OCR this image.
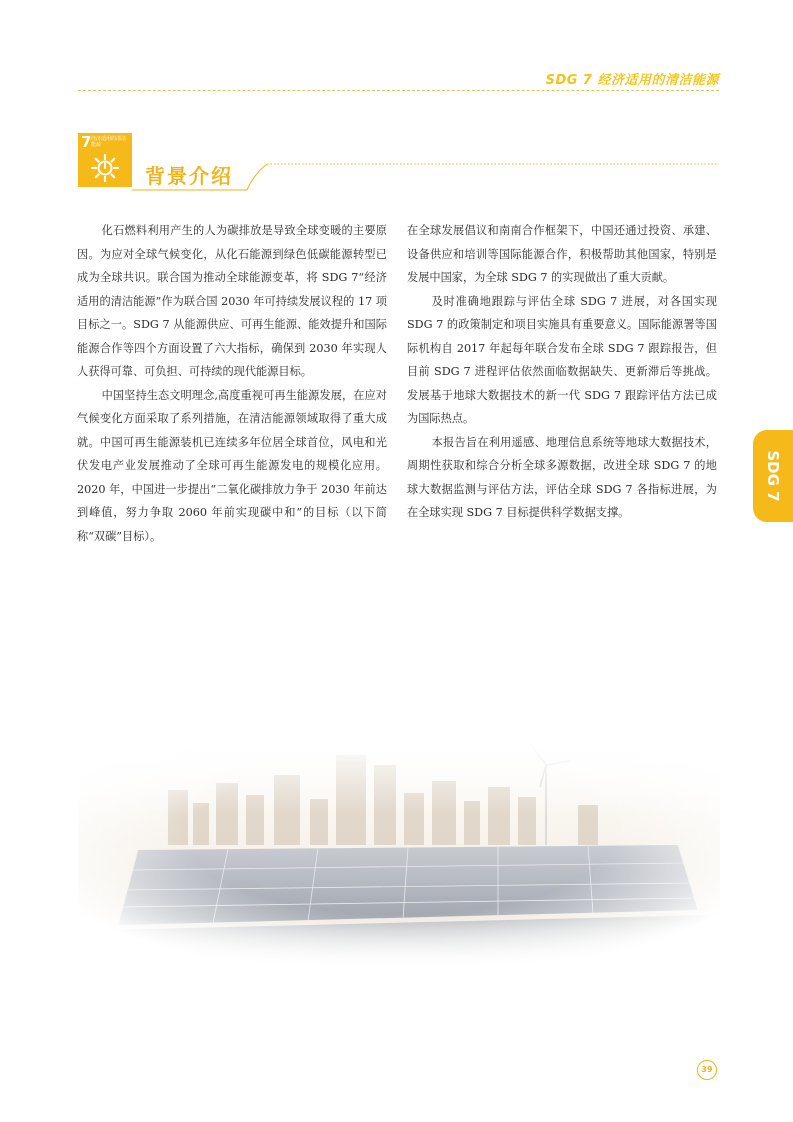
SDG 7 经济适用的清洁能源
7 经济适用的清洁能源
背景介绍

化石燃料利用产生的人为碳排放是导致全球变暖的主要原因。为应对全球气候变化，从化石能源到绿色低碳能源转型已成为全球共识。联合国为推动全球能源变革，将 SDG 7“经济适用的清洁能源”作为联合国 2030 年可持续发展议程的 17 项目标之一。SDG 7 从能源供应、可再生能源、能效提升和国际能源合作等四个方面设置了六大指标，确保到 2030 年实现人人获得可靠、可负担、可持续的现代能源目标。

中国坚持生态文明理念,高度重视可再生能源发展，在应对气候变化方面采取了系列措施，在清洁能源领域取得了重大成就。中国可再生能源装机已连续多年位居全球首位，风电和光伏发电产业发展推动了全球可再生能源发电的规模化应用。2020 年，中国进一步提出“二氧化碳排放力争于 2030 年前达到峰值，努力争取 2060 年前实现碳中和”的目标（以下简称“双碳”目标）。

在全球发展倡议和南南合作框架下，中国还通过投资、承建、设备供应和培训等国际能源合作，积极帮助其他国家，特别是发展中国家，为全球 SDG 7 的实现做出了重大贡献。

及时准确地跟踪与评估全球 SDG 7 进展，对各国实现 SDG 7 的政策制定和项目实施具有重要意义。国际能源署等国际机构自 2017 年起每年联合发布全球 SDG 7 跟踪报告，但目前 SDG 7 进程评估依然面临数据缺失、更新滞后等挑战。发展基于地球大数据技术的新一代 SDG 7 跟踪评估方法已成为国际热点。

本报告旨在利用遥感、地理信息系统等地球大数据技术，周期性获取和综合分析全球多源数据，改进全球 SDG 7 的地球大数据监测与评估方法，评估全球 SDG 7 各指标进展，为在全球实现 SDG 7 目标提供科学数据支撑。

SDG 7
39
